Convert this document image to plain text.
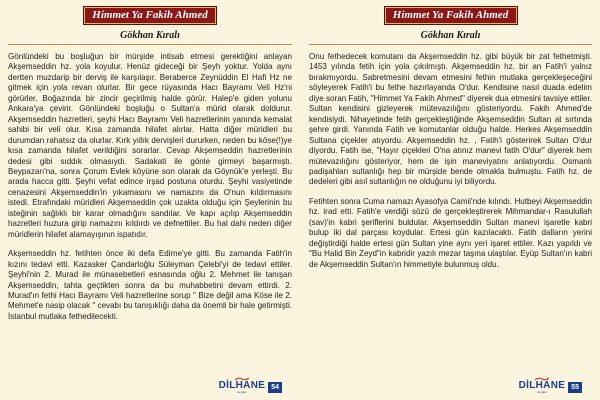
Himmet Ya Fakih Ahmed
Gökhan Kıralı

Gönlündeki bu boşluğun bir mürşide intisab etmesi gerektiğini anlayan Akşemseddin hz. yola koyulur. Henüz gideceği bir Şeyh yoktur. Yolda aynı dertten muzdarip bir derviş ile karşılaşır. Beraberce Zeynüddin El Hafi Hz ne gitmek için yola revan olurlar. Bir gece rüyasında Hacı Bayramı Veli Hz'ni görürler. Boğazında bir zincir geçirilmiş halde görür. Halep'e giden yolunu Ankara'ya çevirir. Gönlündeki boşluğu o Sultan'a mürid olarak doldurur. Akşemseddin hazretleri, şeyhi Hacı Bayramı Veli hazretlerinin yanında kemalat sahibi bir veli olur. Kısa zamanda hilafet alırlar. Hatta diğer müridleri bu durumdan rahatsız da olurlar. Kırk yıllık dervişleri dururken, neden bu köse(!)ye kısa zamanda hilafet verildiğini sorarlar. Cevap Akşemseddin hazretlerinin dedesi gibi sıddık olmasıydı. Sadakati ile gönle girmeyi başarmıştı. Beypazarı'na, sonra Çorum Evlek köyüne son olarak da Göynük'e yerleşti. Bu arada hacca gitti. Şeyhi vefat edince irşad postuna oturdu. Şeyhi vasiyetinde cenazesini Akşemseddin'in yıkamasını ve namazını da O'nun kıldırmasını istedi. Etrafındaki müridleri Akşemseddin çok uzakta olduğu için Şeylerinin bu isteğinin sağlıklı bir karar olmadığını sandılar. Ve kapı açılıp Akşemseddin hazretleri huzura girip namazını kıldırdı ve defnettiler. Bu hal dahi neden diğer müridlerin hilafet alamayışının ispatıdır.

Akşemseddin hz. fetihten önce iki defa Edirne'ye gitti. Bu zamanda Fatih'in kızını tedavi etti. Kazasker Çandarloğlu Süleyman Çelebi'yi de tedavi ettiler. Şeyhi'nin 2. Murad ile münasebetleri esnasında oğlu 2. Mehmet ile tanışan Akşemseddin, tahta geçtikten sonra da bu muhabbetini devam ettirdi. 2. Murad'ın fethi Hacı Bayramı Veli hazretlerine sorup " Bize değil ama Köse ile 2. Mehmet'e nasip olacak " cevabı bu tanışıklığı daha da önemli bir hale getirmişti. İstanbul mutlaka fethedilecekti.

DİLHANE
dergisi
54
Himmet Ya Fakih Ahmed
Gökhan Kıralı

Onu fethedecek komutanı da Akşemseddin hz. gibi büyük bir zat fethetmişti. 1453 yılında fetih için yola çıkılmıştı. Akşemseddin hz. bir an Fatih'i yalnız bırakmıyordu. Sabretmesini devam etmesini fethin mutlaka gerçekleşeceğini söyleyerek Fatih'i bu fethe hazırlayanda O'dur. Kendisine nasıl duada edelim diye soran Fatih, "Himmet Ya Fakih Ahmed" diyerek dua etmesini tavsiye ettiler. Sultan kendisini gizleyerek mütevazılığını gösteriyordu. Fakih Ahmed'de kendisiydi. Nihayetinde fetih gerçekleştiğinde Akşemseddin Sultan at sırtında şehre girdi. Yanında Fatih ve komutanlar olduğu halde. Herkes Akşemseddin Sultana çiçekler atıyordu. Akşemseddin hz. , Fatih'i gösterirek Sultan O'dur diyordu. Fatih ise, "Hayır çiçekleri O'na atınız manevi fatih O'dur" diyerek hem mütevazılığını gösteriyor, hem de işin maneviyatını anlatıyordu. Osmanlı padişahları sultanlığı hep bir mürşide bende olmakla bulmuştu. Fatih hz. de dedeleri gibi asıl sultanlığın ne olduğunu iyi biliyordu.

Fetihten sonra Cuma namazı Ayasofya Camii'nde kılındı. Hutbeyi Akşemseddin hz. irad etti. Fatih'e verdiği sözü de gerçekleştirerek Mihmandar-ı Rasulullah (sav)'in kabri şeriflerini buldular. Akşemseddin Sultan manevi işaretle kabri bulup iki dal parçası koydular. Ertesi gün kazılacaktı. Fatih dalların yerini değiştirdiği halde ertesi gün Sultan yine aynı yeri işaret ettiler. Kazı yapıldı ve "Bu Halid Bin Zeyd"in kabridir yazılı mezar taşına ulaştılar. Eyüp Sultan'ın kabri de Akşemseddin Sultan'ın himmetiyle bulunmuş oldu.

DİLHANE
dergisi
55
